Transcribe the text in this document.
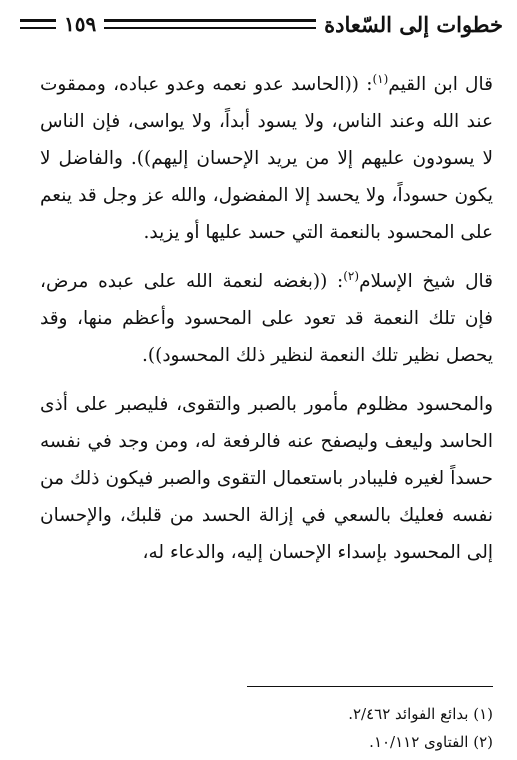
خطوات إلى السّعادة
١٥٩

قال ابن القيم$^{(١)}$: ((الحاسد عدو نعمه وعدو عباده، وممقوت عند الله وعند الناس، ولا يسود أبداً، ولا يواسى، فإن الناس لا يسودون عليهم إلا من يريد الإحسان إليهم)). والفاضل لا يكون حسوداً، ولا يحسد إلا المفضول، والله عز وجل قد ينعم على المحسود بالنعمة التي حسد عليها أو يزيد.

قال شيخ الإسلام$^{(٢)}$: ((بغضه لنعمة الله على عبده مرض، فإن تلك النعمة قد تعود على المحسود وأعظم منها، وقد يحصل نظير تلك النعمة لنظير ذلك المحسود)).

والمحسود مظلوم مأمور بالصبر والتقوى، فليصبر على أذى الحاسد وليعف وليصفح عنه فالرفعة له، ومن وجد في نفسه حسداً لغيره فليبادر باستعمال التقوى والصبر فيكون ذلك من نفسه فعليك بالسعي في إزالة الحسد من قلبك، والإحسان إلى المحسود بإسداء الإحسان إليه، والدعاء له،

(١) بدائع الفوائد ٢/٤٦٢.

(٢) الفتاوى ١٠/١١٢.
